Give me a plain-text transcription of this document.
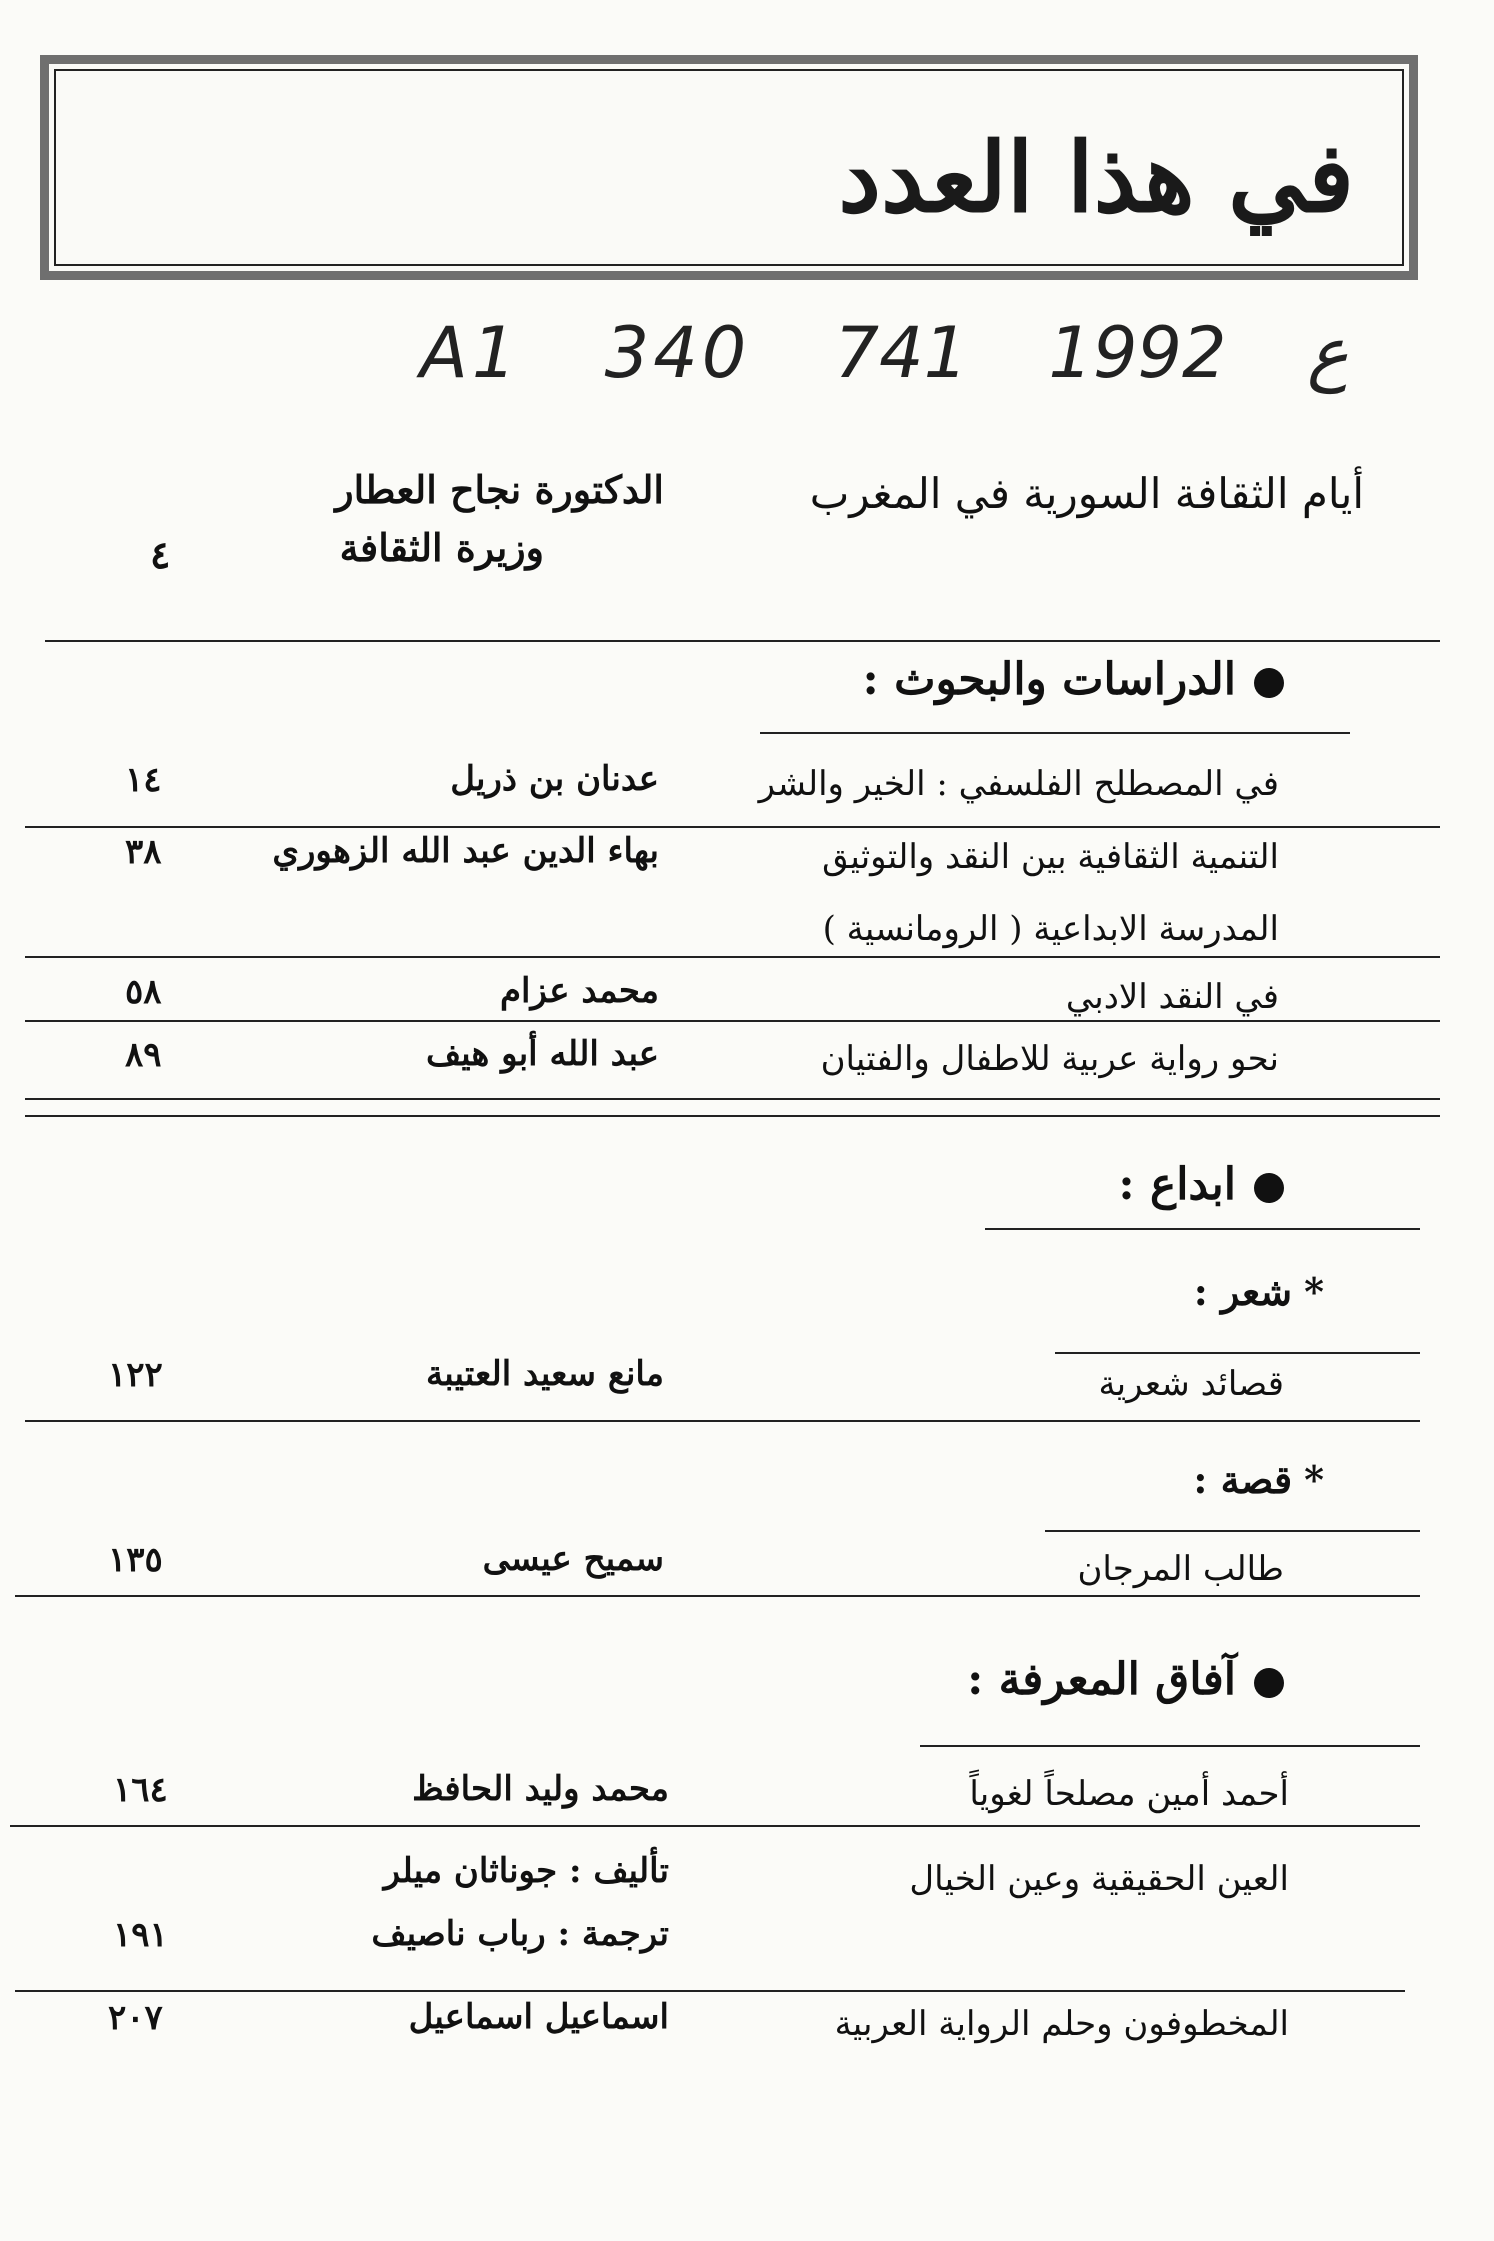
في هذا العدد
A1 340 ع 1992 741
أيام الثقافة السورية في المغرب
الدكتورة نجاح العطار
وزيرة الثقافة
٤
الدراسات والبحوث :
في المصطلح الفلسفي : الخير والشر
عدنان بن ذريل
١٤
التنمية الثقافية بين النقد والتوثيق
بهاء الدين عبد الله الزهوري
٣٨
المدرسة الابداعية ( الرومانسية )
في النقد الادبي
محمد عزام
٥٨
نحو رواية عربية للاطفال والفتيان
عبد الله أبو هيف
٨٩
ابداع :
*شعر :
قصائد شعرية
مانع سعيد العتيبة
١٢٢
*قصة :
طالب المرجان
سميح عيسى
١٣٥
آفاق المعرفة :
أحمد أمين مصلحاً لغوياً
محمد وليد الحافظ
١٦٤
العين الحقيقية وعين الخيال
تأليف : جوناثان ميلر
ترجمة : رباب ناصيف
١٩١
المخطوفون وحلم الرواية العربية
اسماعيل اسماعيل
٢٠٧
